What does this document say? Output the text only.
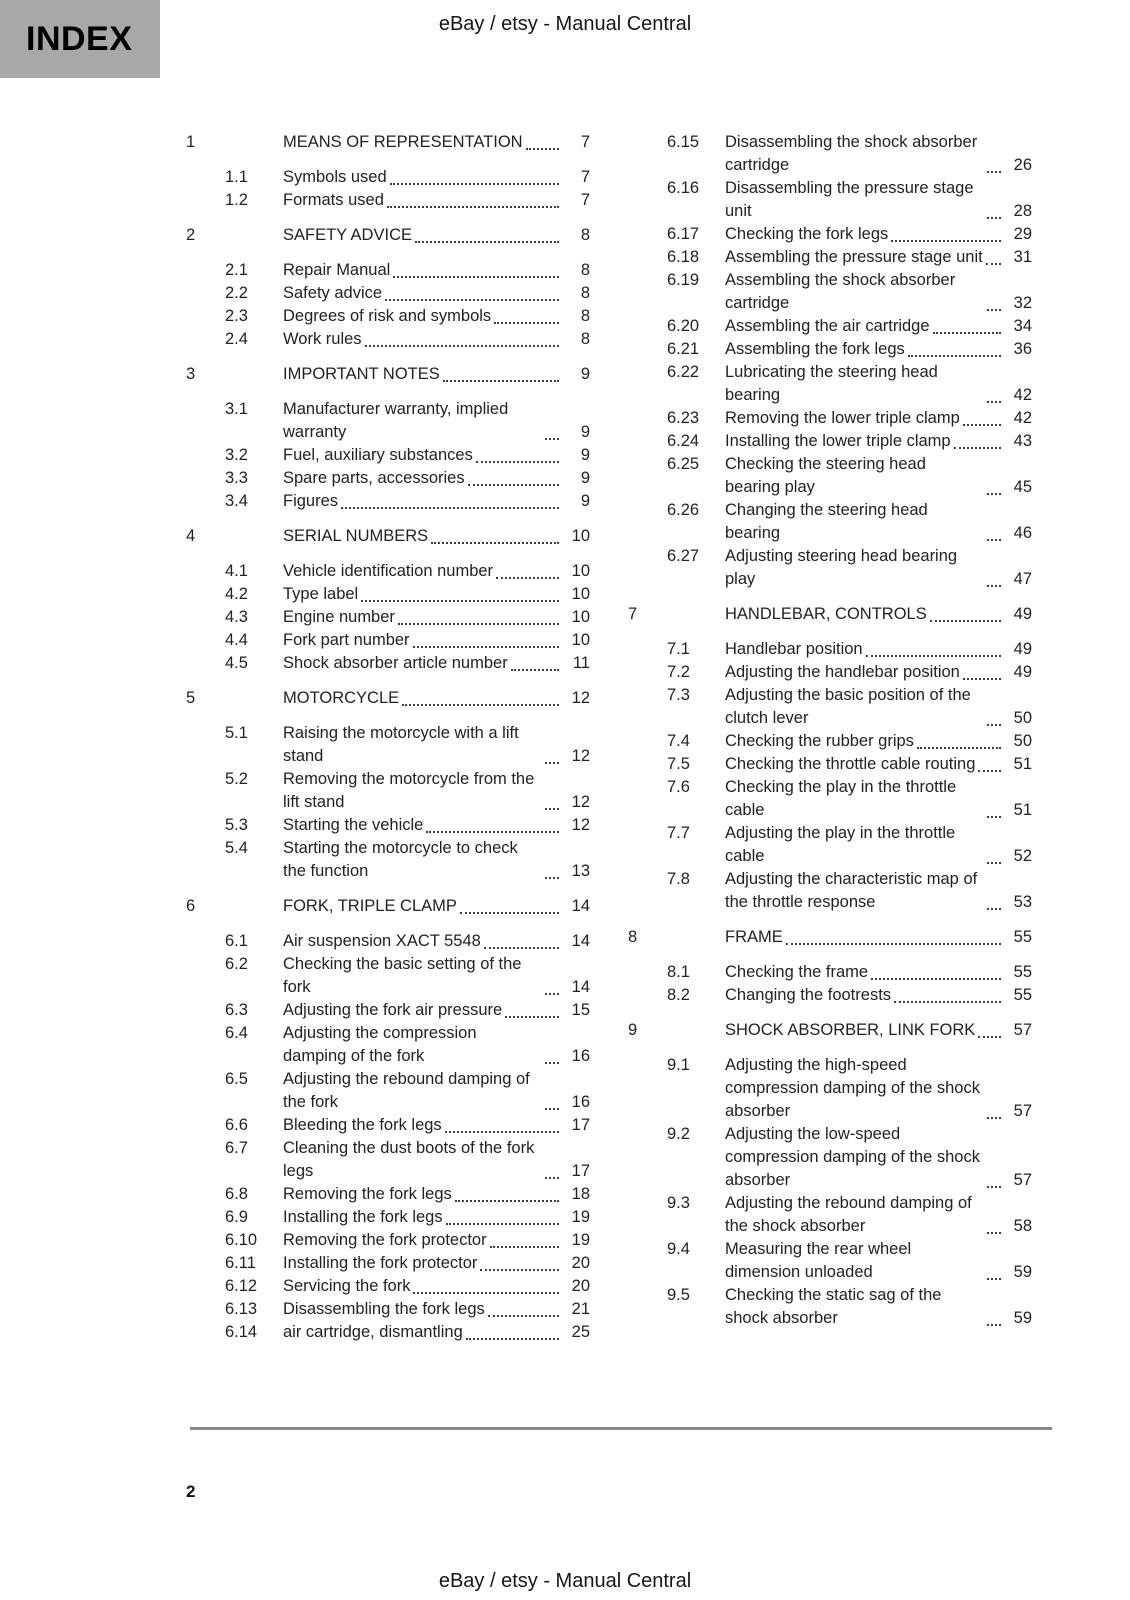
INDEX	eBay / etsy - Manual Central
1	MEANS OF REPRESENTATION	7
1.1	Symbols used	7
1.2	Formats used	7
2	SAFETY ADVICE	8
2.1	Repair Manual	8
2.2	Safety advice	8
2.3	Degrees of risk and symbols	8
2.4	Work rules	8
3	IMPORTANT NOTES	9
3.1	Manufacturer warranty, implied warranty	9
3.2	Fuel, auxiliary substances	9
3.3	Spare parts, accessories	9
3.4	Figures	9
4	SERIAL NUMBERS	10
4.1	Vehicle identification number	10
4.2	Type label	10
4.3	Engine number	10
4.4	Fork part number	10
4.5	Shock absorber article number	11
5	MOTORCYCLE	12
5.1	Raising the motorcycle with a lift stand	12
5.2	Removing the motorcycle from the lift stand	12
5.3	Starting the vehicle	12
5.4	Starting the motorcycle to check the function	13
6	FORK, TRIPLE CLAMP	14
6.1	Air suspension XACT 5548	14
6.2	Checking the basic setting of the fork	14
6.3	Adjusting the fork air pressure	15
6.4	Adjusting the compression damping of the fork	16
6.5	Adjusting the rebound damping of the fork	16
6.6	Bleeding the fork legs	17
6.7	Cleaning the dust boots of the fork legs	17
6.8	Removing the fork legs	18
6.9	Installing the fork legs	19
6.10	Removing the fork protector	19
6.11	Installing the fork protector	20
6.12	Servicing the fork	20
6.13	Disassembling the fork legs	21
6.14	air cartridge, dismantling	25
6.15	Disassembling the shock absorber cartridge	26
6.16	Disassembling the pressure stage unit	28
6.17	Checking the fork legs	29
6.18	Assembling the pressure stage unit	31
6.19	Assembling the shock absorber cartridge	32
6.20	Assembling the air cartridge	34
6.21	Assembling the fork legs	36
6.22	Lubricating the steering head bearing	42
6.23	Removing the lower triple clamp	42
6.24	Installing the lower triple clamp	43
6.25	Checking the steering head bearing play	45
6.26	Changing the steering head bearing	46
6.27	Adjusting steering head bearing play	47
7	HANDLEBAR, CONTROLS	49
7.1	Handlebar position	49
7.2	Adjusting the handlebar position	49
7.3	Adjusting the basic position of the clutch lever	50
7.4	Checking the rubber grips	50
7.5	Checking the throttle cable routing	51
7.6	Checking the play in the throttle cable	51
7.7	Adjusting the play in the throttle cable	52
7.8	Adjusting the characteristic map of the throttle response	53
8	FRAME	55
8.1	Checking the frame	55
8.2	Changing the footrests	55
9	SHOCK ABSORBER, LINK FORK	57
9.1	Adjusting the high-speed compression damping of the shock absorber	57
9.2	Adjusting the low-speed compression damping of the shock absorber	57
9.3	Adjusting the rebound damping of the shock absorber	58
9.4	Measuring the rear wheel dimension unloaded	59
9.5	Checking the static sag of the shock absorber	59
2
eBay / etsy - Manual Central
